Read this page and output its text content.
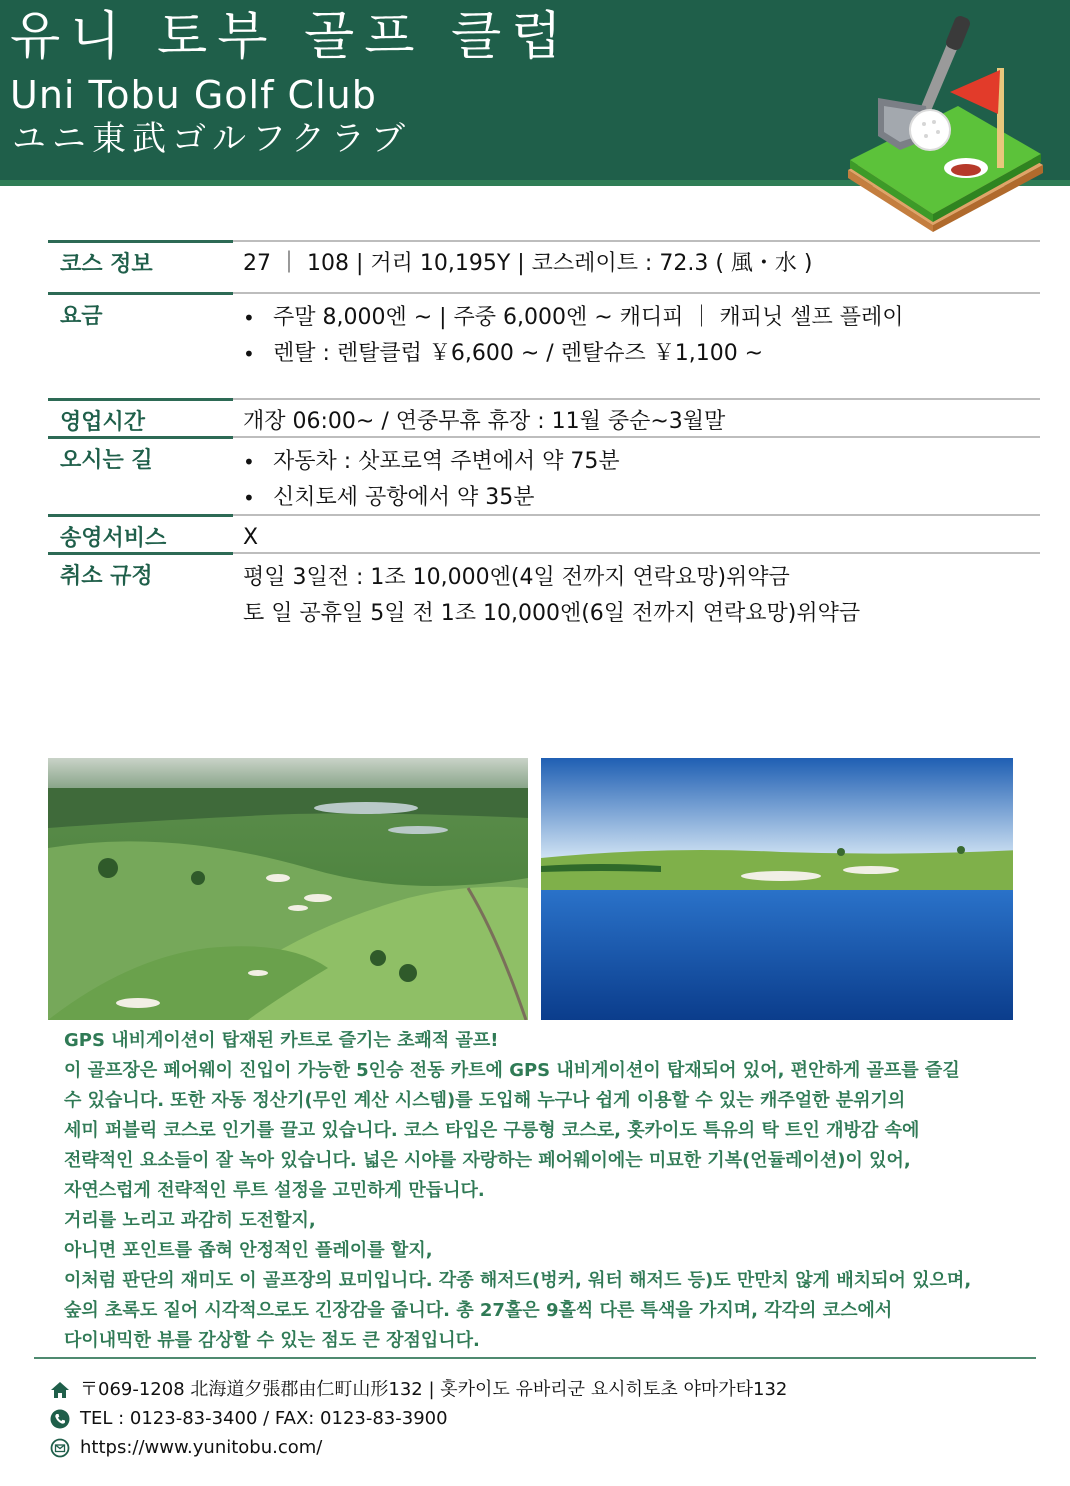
유니 토부 골프 클럽
Uni Tobu Golf Club
ユニ東武ゴルフクラブ
코스 정보	27 ｜ 108 | 거리 10,195Y | 코스레이트 : 72.3 ( 風・水 )
요금	• 주말 8,000엔 ~ | 주중 6,000엔 ~ 캐디피 ｜ 캐피닛 셀프 플레이
• 렌탈 : 렌탈클럽 ￥6,600 ~ / 렌탈슈즈 ￥1,100 ~
영업시간	개장 06:00~ / 연중무휴 휴장 : 11월 중순~3월말
오시는 길	• 자동차 : 삿포로역 주변에서 약 75분
• 신치토세 공항에서 약 35분
송영서비스	X
취소 규정	평일 3일전 : 1조 10,000엔(4일 전까지 연락요망)위약금
토 일 공휴일 5일 전 1조 10,000엔(6일 전까지 연락요망)위약금

GPS 내비게이션이 탑재된 카트로 즐기는 초쾌적 골프!

이 골프장은 페어웨이 진입이 가능한 5인승 전동 카트에 GPS 내비게이션이 탑재되어 있어, 편안하게 골프를 즐길

수 있습니다. 또한 자동 정산기(무인 계산 시스템)를 도입해 누구나 쉽게 이용할 수 있는 캐주얼한 분위기의

세미 퍼블릭 코스로 인기를 끌고 있습니다. 코스 타입은 구릉형 코스로, 홋카이도 특유의 탁 트인 개방감 속에

전략적인 요소들이 잘 녹아 있습니다. 넓은 시야를 자랑하는 페어웨이에는 미묘한 기복(언듈레이션)이 있어,

자연스럽게 전략적인 루트 설정을 고민하게 만듭니다.

거리를 노리고 과감히 도전할지,

아니면 포인트를 좁혀 안정적인 플레이를 할지,

이처럼 판단의 재미도 이 골프장의 묘미입니다. 각종 해저드(벙커, 워터 해저드 등)도 만만치 않게 배치되어 있으며,

숲의 초록도 짙어 시각적으로도 긴장감을 줍니다. 총 27홀은 9홀씩 다른 특색을 가지며, 각각의 코스에서

다이내믹한 뷰를 감상할 수 있는 점도 큰 장점입니다.

〒069-1208 北海道夕張郡由仁町山形132 | 홋카이도 유바리군 요시히토초 야마가타132
TEL : 0123-83-3400 / FAX: 0123-83-3900
https://www.yunitobu.com/
